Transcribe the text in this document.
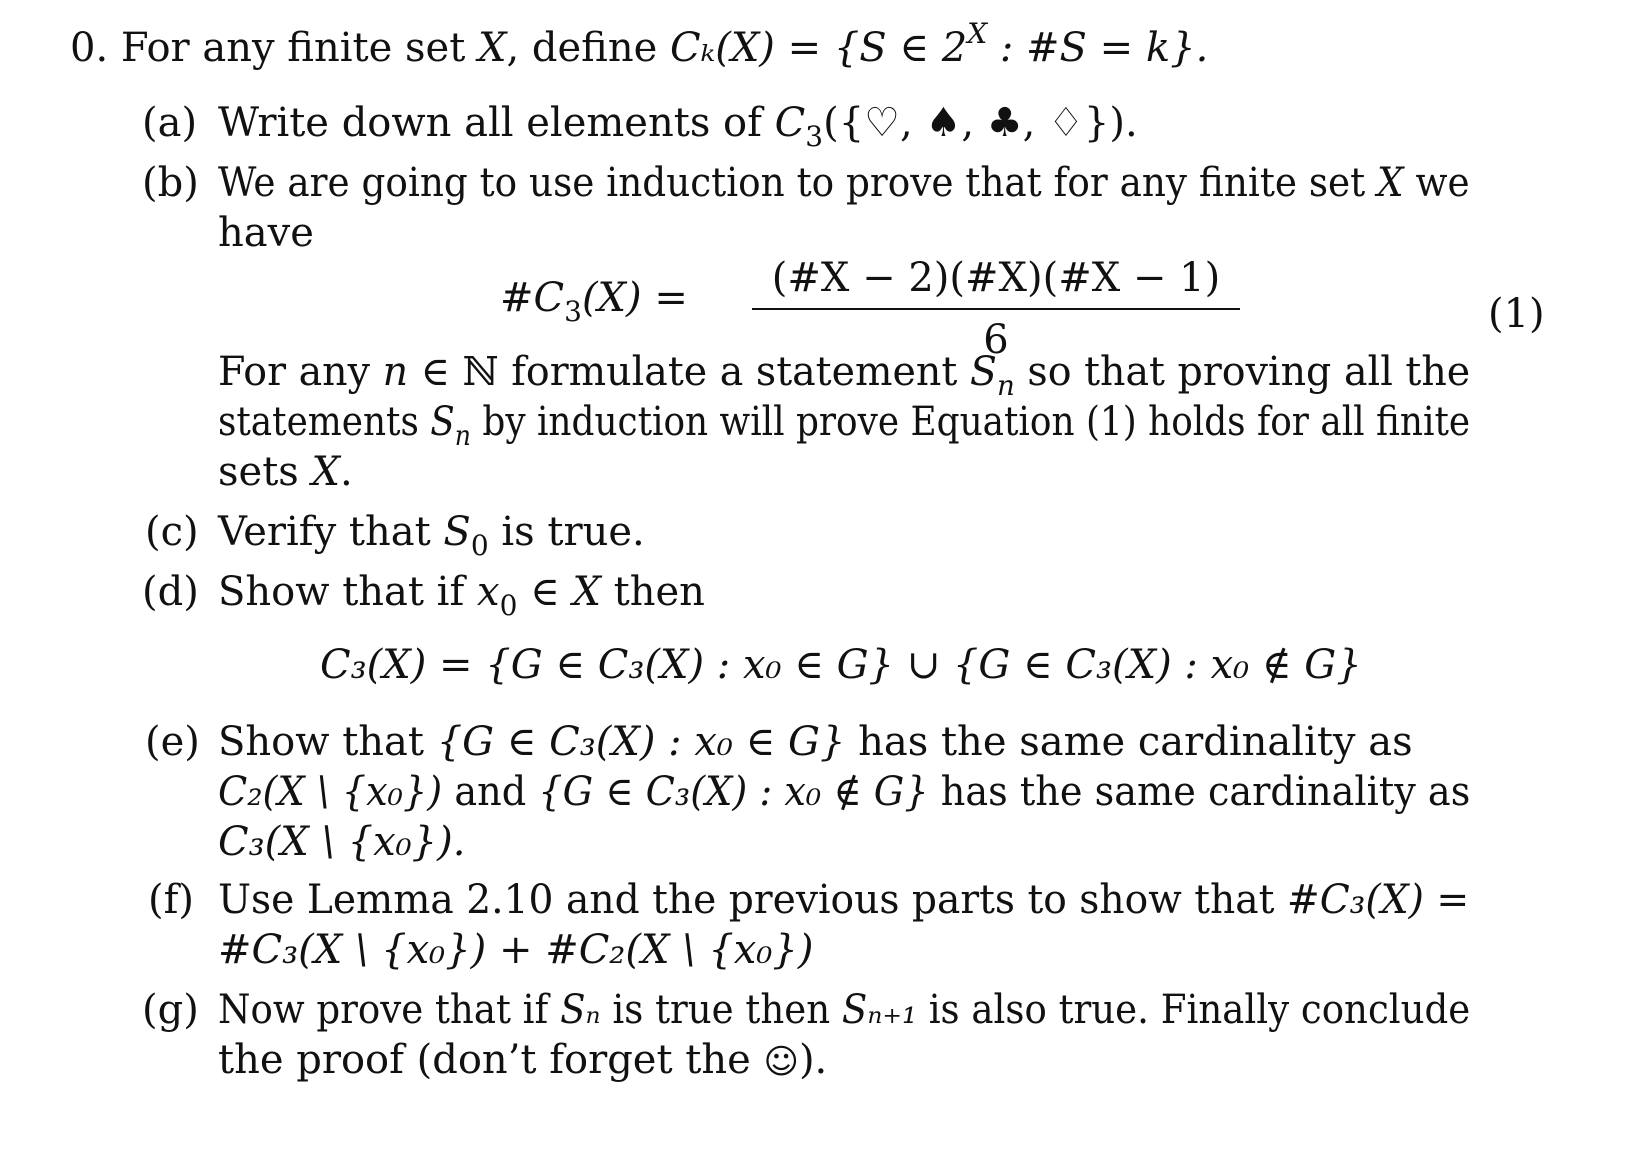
0. For any finite set X, define Cₖ(X) = {S ∈ $2^X$ : #S = k}.
(a)
(b)
(c)
(d)
(e)
(f)
(g)
Write down all elements of $C_3(\{♡$, ♠, ♣, ♢}).
We are going to use induction to prove that for any finite set X we
have
$\#C_3(X)$ =	(#X − 2)(#X)(#X − 1)
6
(1)
For any n ∈ ℕ formulate a statement $S_n$ so that proving all the
statements $S_n$ by induction will prove Equation (1) holds for all finite
sets X.
Verify that $S_0$ is true.
Show that if $x_0$ ∈ X then
C₃(X) = {G ∈ C₃(X) : x₀ ∈ G} ∪ {G ∈ C₃(X) : x₀ ∉ G}
Show that {G ∈ C₃(X) : x₀ ∈ G} has the same cardinality as
C₂(X \ {x₀}) and {G ∈ C₃(X) : x₀ ∉ G} has the same cardinality as
C₃(X \ {x₀}).
Use Lemma 2.10 and the previous parts to show that #C₃(X) =
#C₃(X \ {x₀}) + #C₂(X \ {x₀})
Now prove that if Sₙ is true then Sₙ₊₁ is also true. Finally conclude
the proof (don’t forget the ☺).
